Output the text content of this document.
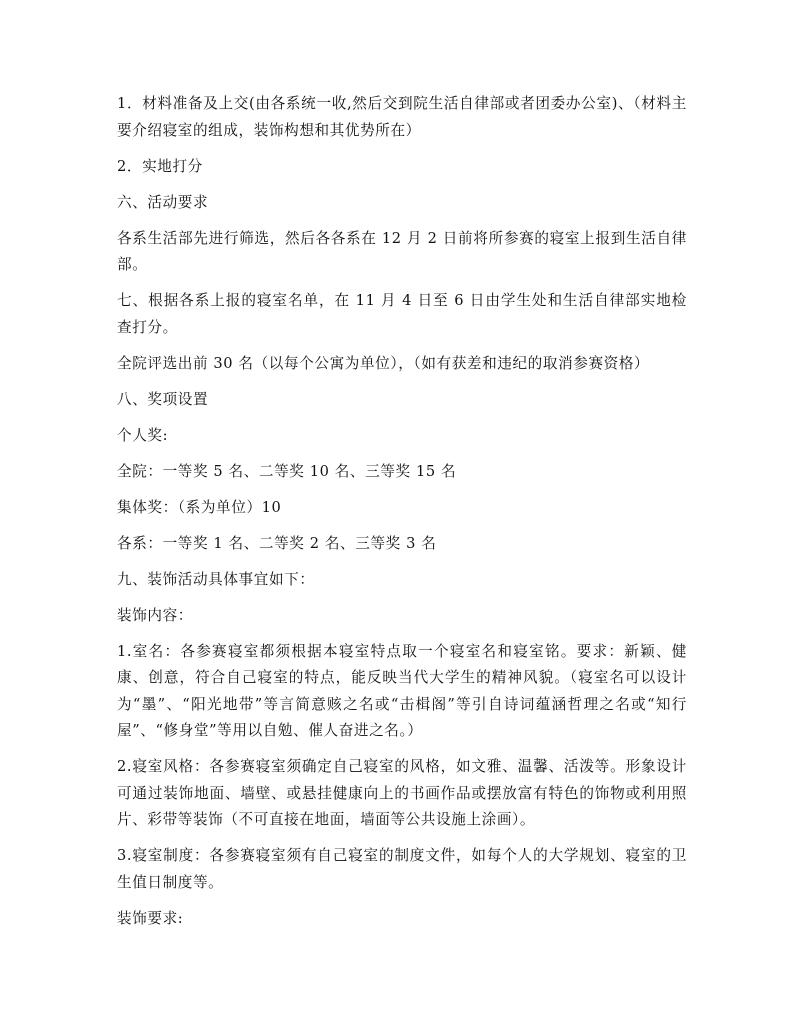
1．材料准备及上交(由各系统一收,然后交到院生活自律部或者团委办公室)、（材料主要介绍寝室的组成，装饰构想和其优势所在）

2．实地打分

六、活动要求

各系生活部先进行筛选，然后各各系在 12 月 2 日前将所参赛的寝室上报到生活自律部。

七、根据各系上报的寝室名单，在 11 月 4 日至 6 日由学生处和生活自律部实地检查打分。

全院评选出前 30 名（以每个公寓为单位），（如有获差和违纪的取消参赛资格）

八、奖项设置

个人奖:

全院：一等奖 5 名、二等奖 10 名、三等奖 15 名

集体奖：（系为单位）10

各系：一等奖 1 名、二等奖 2 名、三等奖 3 名

九、装饰活动具体事宜如下：

装饰内容：

1.室名：各参赛寝室都须根据本寝室特点取一个寝室名和寝室铭。要求：新颖、健康、创意，符合自己寝室的特点，能反映当代大学生的精神风貌。（寝室名可以设计为“墨”、“阳光地带”等言简意赅之名或“击楫阁”等引自诗词蕴涵哲理之名或“知行屋”、“修身堂”等用以自勉、催人奋进之名。）

2.寝室风格：各参赛寝室须确定自己寝室的风格，如文雅、温馨、活泼等。形象设计可通过装饰地面、墙壁、或悬挂健康向上的书画作品或摆放富有特色的饰物或利用照片、彩带等装饰（不可直接在地面，墙面等公共设施上涂画）。

3.寝室制度：各参赛寝室须有自己寝室的制度文件，如每个人的大学规划、寝室的卫生值日制度等。

装饰要求:
